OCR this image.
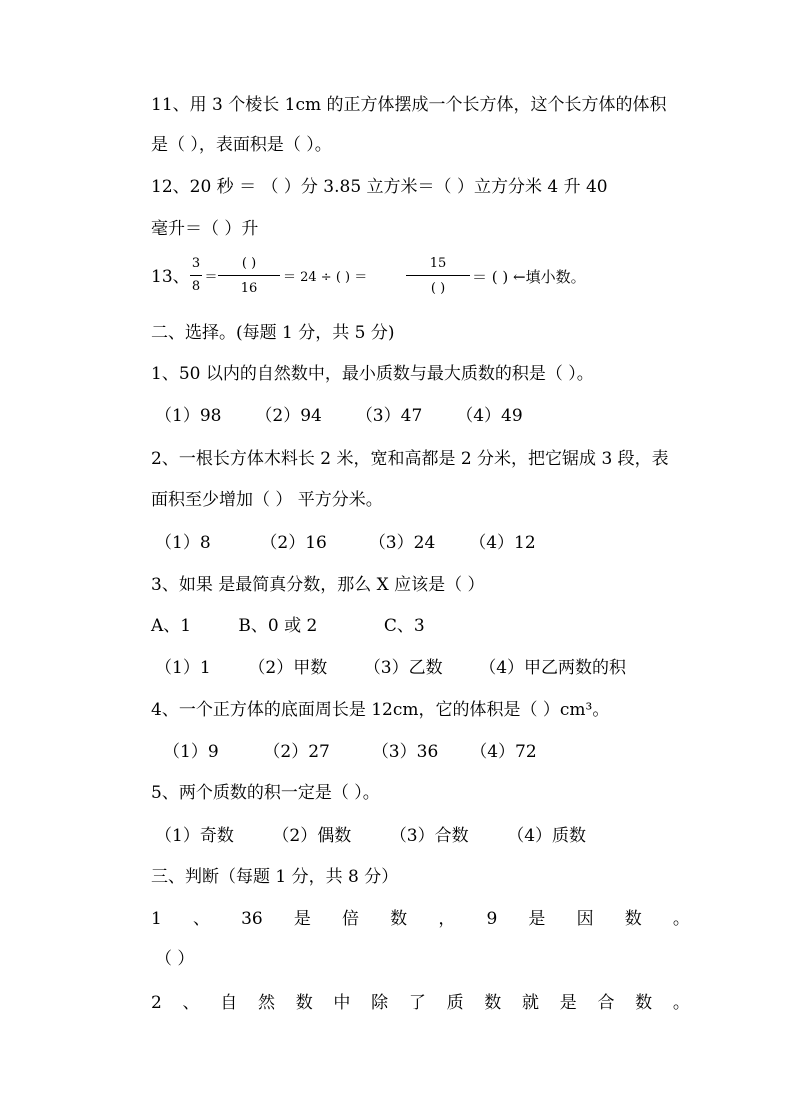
11、用 3 个棱长 1cm 的正方体摆成一个长方体，这个长方体的体积
是（ ），表面积是（ ）。
12、20 秒 ＝ （ ）分 3.85 立方米＝（ ）立方分米 4 升 40
毫升＝（ ）升
13、
3
8
＝
( )
16
＝ 24 ÷ ( ) ＝
15
( )
＝ ( ) ←填小数。
二、选择。(每题 1 分，共 5 分)
1、50 以内的自然数中，最小质数与最大质数的积是（ ）。
（1）98 （2）94 （3）47 （4）49
2、一根长方体木料长 2 米，宽和高都是 2 分米，把它锯成 3 段，表
面积至少增加（ ） 平方分米。
（1）8	（2）16 （3）24 （4）12
3、如果 是最简真分数，那么 X 应该是（ ）
A、1	B、0 或 2	C、3
（1）1 （2）甲数 （3）乙数 （4）甲乙两数的积
4、一个正方体的底面周长是 12cm，它的体积是（ ）cm³。
（1）9	（2）27 （3）36 （4）72
5、两个质数的积一定是（ ）。
（1）奇数 （2）偶数 （3）合数 （4）质数
三、判断（每题 1 分，共 8 分）
1 、 36 是 倍 数 ， 9 是 因 数 。
（ ）
2 、 自 然 数 中 除 了 质 数 就 是 合 数 。
